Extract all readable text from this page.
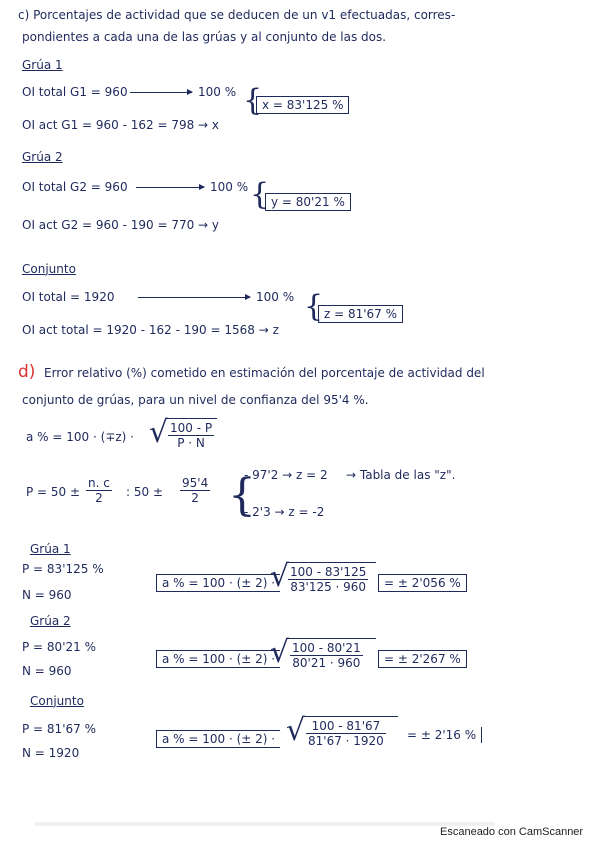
c) Porcentajes de actividad que se deducen de un v1 efectuadas, corres-
pondientes a cada una de las grúas y al conjunto de las dos.
Grúa 1
OI total G1 = 960	100 % { x = 83'125 %
OI act G1 = 960 - 162 = 798 → x
Grúa 2
OI total G2 = 960	100 % { y = 80'21 %
OI act G2 = 960 - 190 = 770 → y
Conjunto
OI total = 1920	100 % { z = 81'67 %
OI act total = 1920 - 162 - 190 = 1568 → z
d) Error relativo (%) cometido en estimación del porcentaje de actividad del
conjunto de grúas, para un nivel de confianza del 95'4 %.
a % = 100 · (∓z) · √ $\frac{100 - P}{P \cdot N}$
$P = 50 \pm \frac{n. c}{2}$ : $50 \pm \frac{95'4}{2}$ {
- 97'2 → z = 2 → Tabla de las "z".
- 2'3 → z = -2
Grúa 1
P = 83'125 %
N = 960
a % = 100 · (± 2) ·
√
$\frac{100 - 83'125}{83'125 \cdot 960}$	= ± 2'056 %
Grúa 2
P = 80'21 %
N = 960
a % = 100 · (± 2) ·
√ $\frac{100 - 80'21}{80'21 \cdot 960}$	= ± 2'267 %
Conjunto
P = 81'67 %
N = 1920
a % = 100 · (± 2) · √ $\frac{100 - 81'67}{81'67 \cdot 1920}$	= ± 2'16 %
Escaneado con CamScanner
